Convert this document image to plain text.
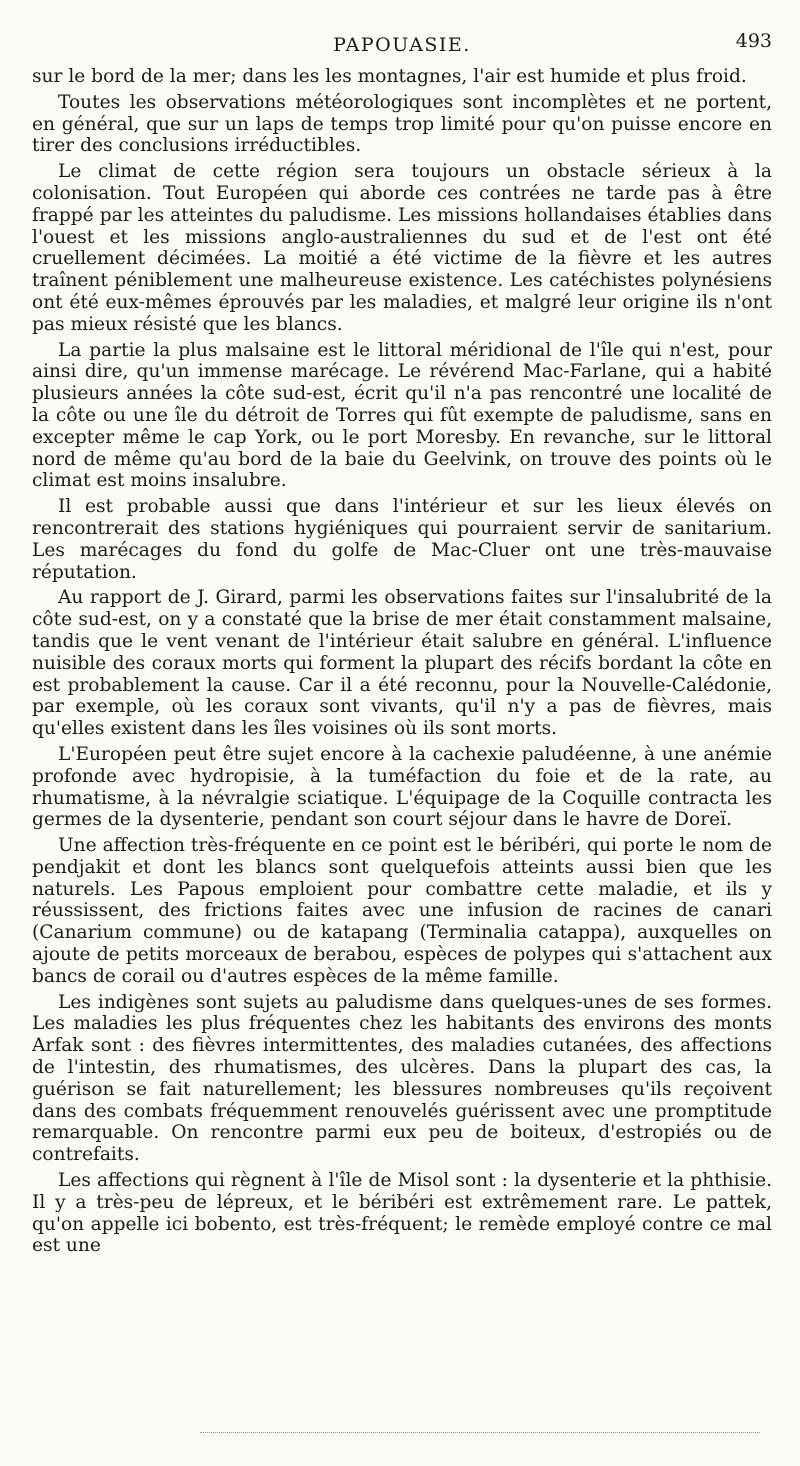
PAPOUASIE.	493

sur le bord de la mer; dans les les montagnes, l'air est humide et plus froid.

Toutes les observations météorologiques sont incomplètes et ne portent, en général, que sur un laps de temps trop limité pour qu'on puisse encore en tirer des conclusions irréductibles.

Le climat de cette région sera toujours un obstacle sérieux à la colonisation. Tout Européen qui aborde ces contrées ne tarde pas à être frappé par les atteintes du paludisme. Les missions hollandaises établies dans l'ouest et les missions anglo-australiennes du sud et de l'est ont été cruellement décimées. La moitié a été victime de la fièvre et les autres traînent péniblement une malheureuse existence. Les catéchistes polynésiens ont été eux-mêmes éprouvés par les maladies, et malgré leur origine ils n'ont pas mieux résisté que les blancs.

La partie la plus malsaine est le littoral méridional de l'île qui n'est, pour ainsi dire, qu'un immense marécage. Le révérend Mac-Farlane, qui a habité plusieurs années la côte sud-est, écrit qu'il n'a pas rencontré une localité de la côte ou une île du détroit de Torres qui fût exempte de paludisme, sans en excepter même le cap York, ou le port Moresby. En revanche, sur le littoral nord de même qu'au bord de la baie du Geelvink, on trouve des points où le climat est moins insalubre.

Il est probable aussi que dans l'intérieur et sur les lieux élevés on rencontrerait des stations hygiéniques qui pourraient servir de sanitarium. Les marécages du fond du golfe de Mac-Cluer ont une très-mauvaise réputation.

Au rapport de J. Girard, parmi les observations faites sur l'insalubrité de la côte sud-est, on y a constaté que la brise de mer était constamment malsaine, tandis que le vent venant de l'intérieur était salubre en général. L'influence nuisible des coraux morts qui forment la plupart des récifs bordant la côte en est probablement la cause. Car il a été reconnu, pour la Nouvelle-Calédonie, par exemple, où les coraux sont vivants, qu'il n'y a pas de fièvres, mais qu'elles existent dans les îles voisines où ils sont morts.

L'Européen peut être sujet encore à la cachexie paludéenne, à une anémie profonde avec hydropisie, à la tuméfaction du foie et de la rate, au rhumatisme, à la névralgie sciatique. L'équipage de la Coquille contracta les germes de la dysenterie, pendant son court séjour dans le havre de Doreï.

Une affection très-fréquente en ce point est le béribéri, qui porte le nom de pendjakit et dont les blancs sont quelquefois atteints aussi bien que les naturels. Les Papous emploient pour combattre cette maladie, et ils y réussissent, des frictions faites avec une infusion de racines de canari (Canarium commune) ou de katapang (Terminalia catappa), auxquelles on ajoute de petits morceaux de berabou, espèces de polypes qui s'attachent aux bancs de corail ou d'autres espèces de la même famille.

Les indigènes sont sujets au paludisme dans quelques-unes de ses formes. Les maladies les plus fréquentes chez les habitants des environs des monts Arfak sont : des fièvres intermittentes, des maladies cutanées, des affections de l'intestin, des rhumatismes, des ulcères. Dans la plupart des cas, la guérison se fait naturellement; les blessures nombreuses qu'ils reçoivent dans des combats fréquemment renouvelés guérissent avec une promptitude remarquable. On rencontre parmi eux peu de boiteux, d'estropiés ou de contrefaits.

Les affections qui règnent à l'île de Misol sont : la dysenterie et la phthisie. Il y a très-peu de lépreux, et le béribéri est extrêmement rare. Le pattek, qu'on appelle ici bobento, est très-fréquent; le remède employé contre ce mal est une
